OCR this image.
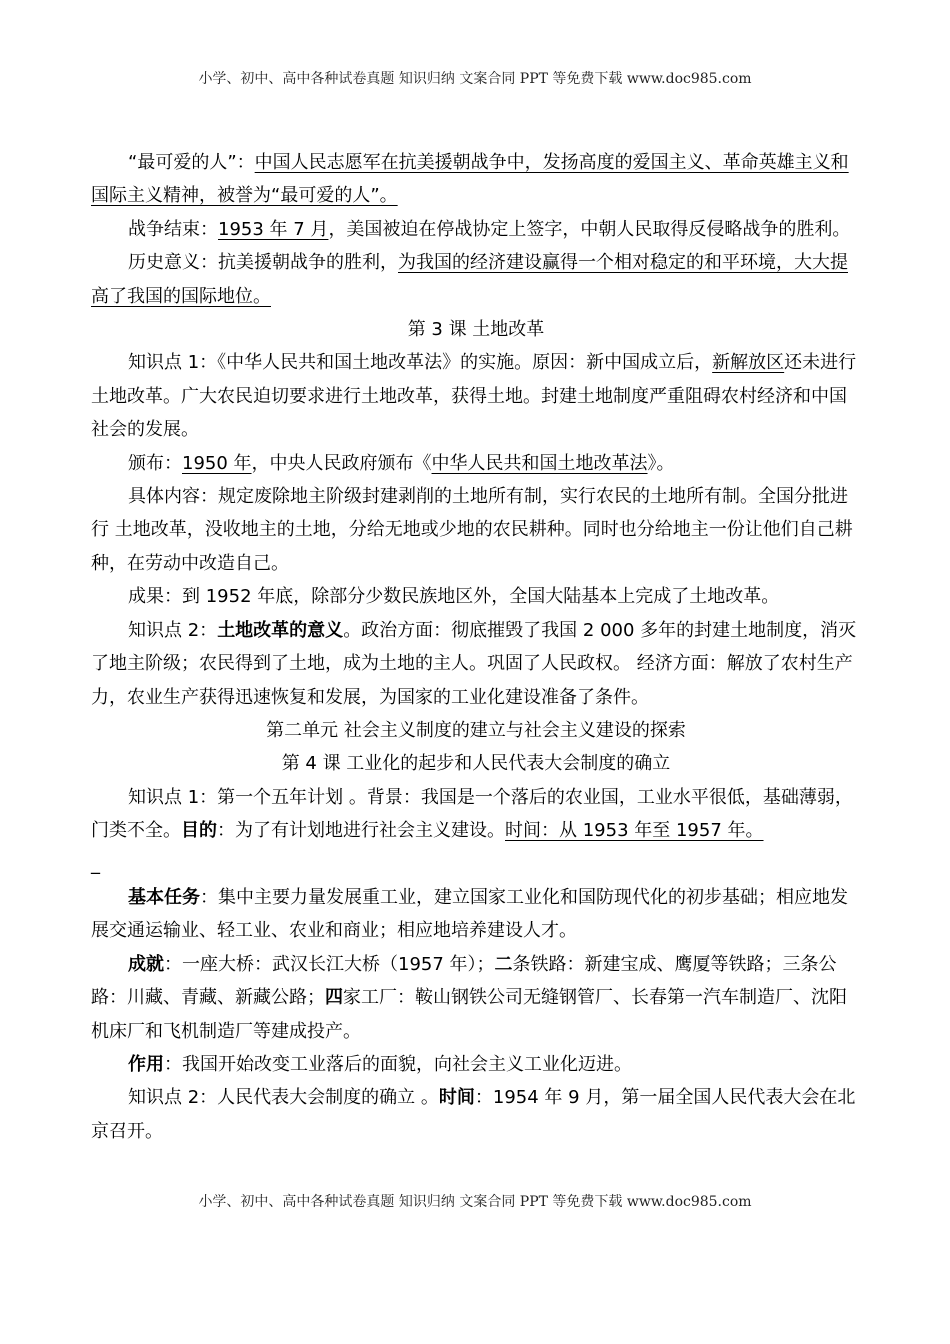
小学、初中、高中各种试卷真题 知识归纳 文案合同 PPT 等免费下载 www.doc985.com

“最可爱的人”：中国人民志愿军在抗美援朝战争中，发扬高度的爱国主义、革命英雄主义和国际主义精神，被誉为“最可爱的人”。

战争结束：1953 年 7 月，美国被迫在停战协定上签字，中朝人民取得反侵略战争的胜利。

历史意义：抗美援朝战争的胜利，为我国的经济建设赢得一个相对稳定的和平环境，大大提高了我国的国际地位。

第 3 课 土地改革

知识点 1：《中华人民共和国土地改革法》的实施。原因：新中国成立后，新解放区还未进行土地改革。广大农民迫切要求进行土地改革，获得土地。封建土地制度严重阻碍农村经济和中国社会的发展。

颁布：1950 年，中央人民政府颁布《中华人民共和国土地改革法》。

具体内容：规定废除地主阶级封建剥削的土地所有制，实行农民的土地所有制。全国分批进行 土地改革，没收地主的土地，分给无地或少地的农民耕种。同时也分给地主一份让他们自己耕种，在劳动中改造自己。

成果：到 1952 年底，除部分少数民族地区外，全国大陆基本上完成了土地改革。

知识点 2：土地改革的意义。政治方面：彻底摧毁了我国 2 000 多年的封建土地制度，消灭了地主阶级；农民得到了土地，成为土地的主人。巩固了人民政权。 经济方面：解放了农村生产力，农业生产获得迅速恢复和发展，为国家的工业化建设准备了条件。

第二单元 社会主义制度的建立与社会主义建设的探索

第 4 课 工业化的起步和人民代表大会制度的确立

知识点 1：第一个五年计划 。背景：我国是一个落后的农业国，工业水平很低，基础薄弱，门类不全。目的：为了有计划地进行社会主义建设。时间：从 1953 年至 1957 年。

_

基本任务：集中主要力量发展重工业，建立国家工业化和国防现代化的初步基础；相应地发展交通运输业、轻工业、农业和商业；相应地培养建设人才。

成就：一座大桥：武汉长江大桥（1957 年）；二条铁路：新建宝成、鹰厦等铁路；三条公路：川藏、青藏、新藏公路；四家工厂：鞍山钢铁公司无缝钢管厂、长春第一汽车制造厂、沈阳机床厂和飞机制造厂等建成投产。

作用：我国开始改变工业落后的面貌，向社会主义工业化迈进。

知识点 2：人民代表大会制度的确立 。时间：1954 年 9 月，第一届全国人民代表大会在北京召开。

小学、初中、高中各种试卷真题 知识归纳 文案合同 PPT 等免费下载 www.doc985.com
